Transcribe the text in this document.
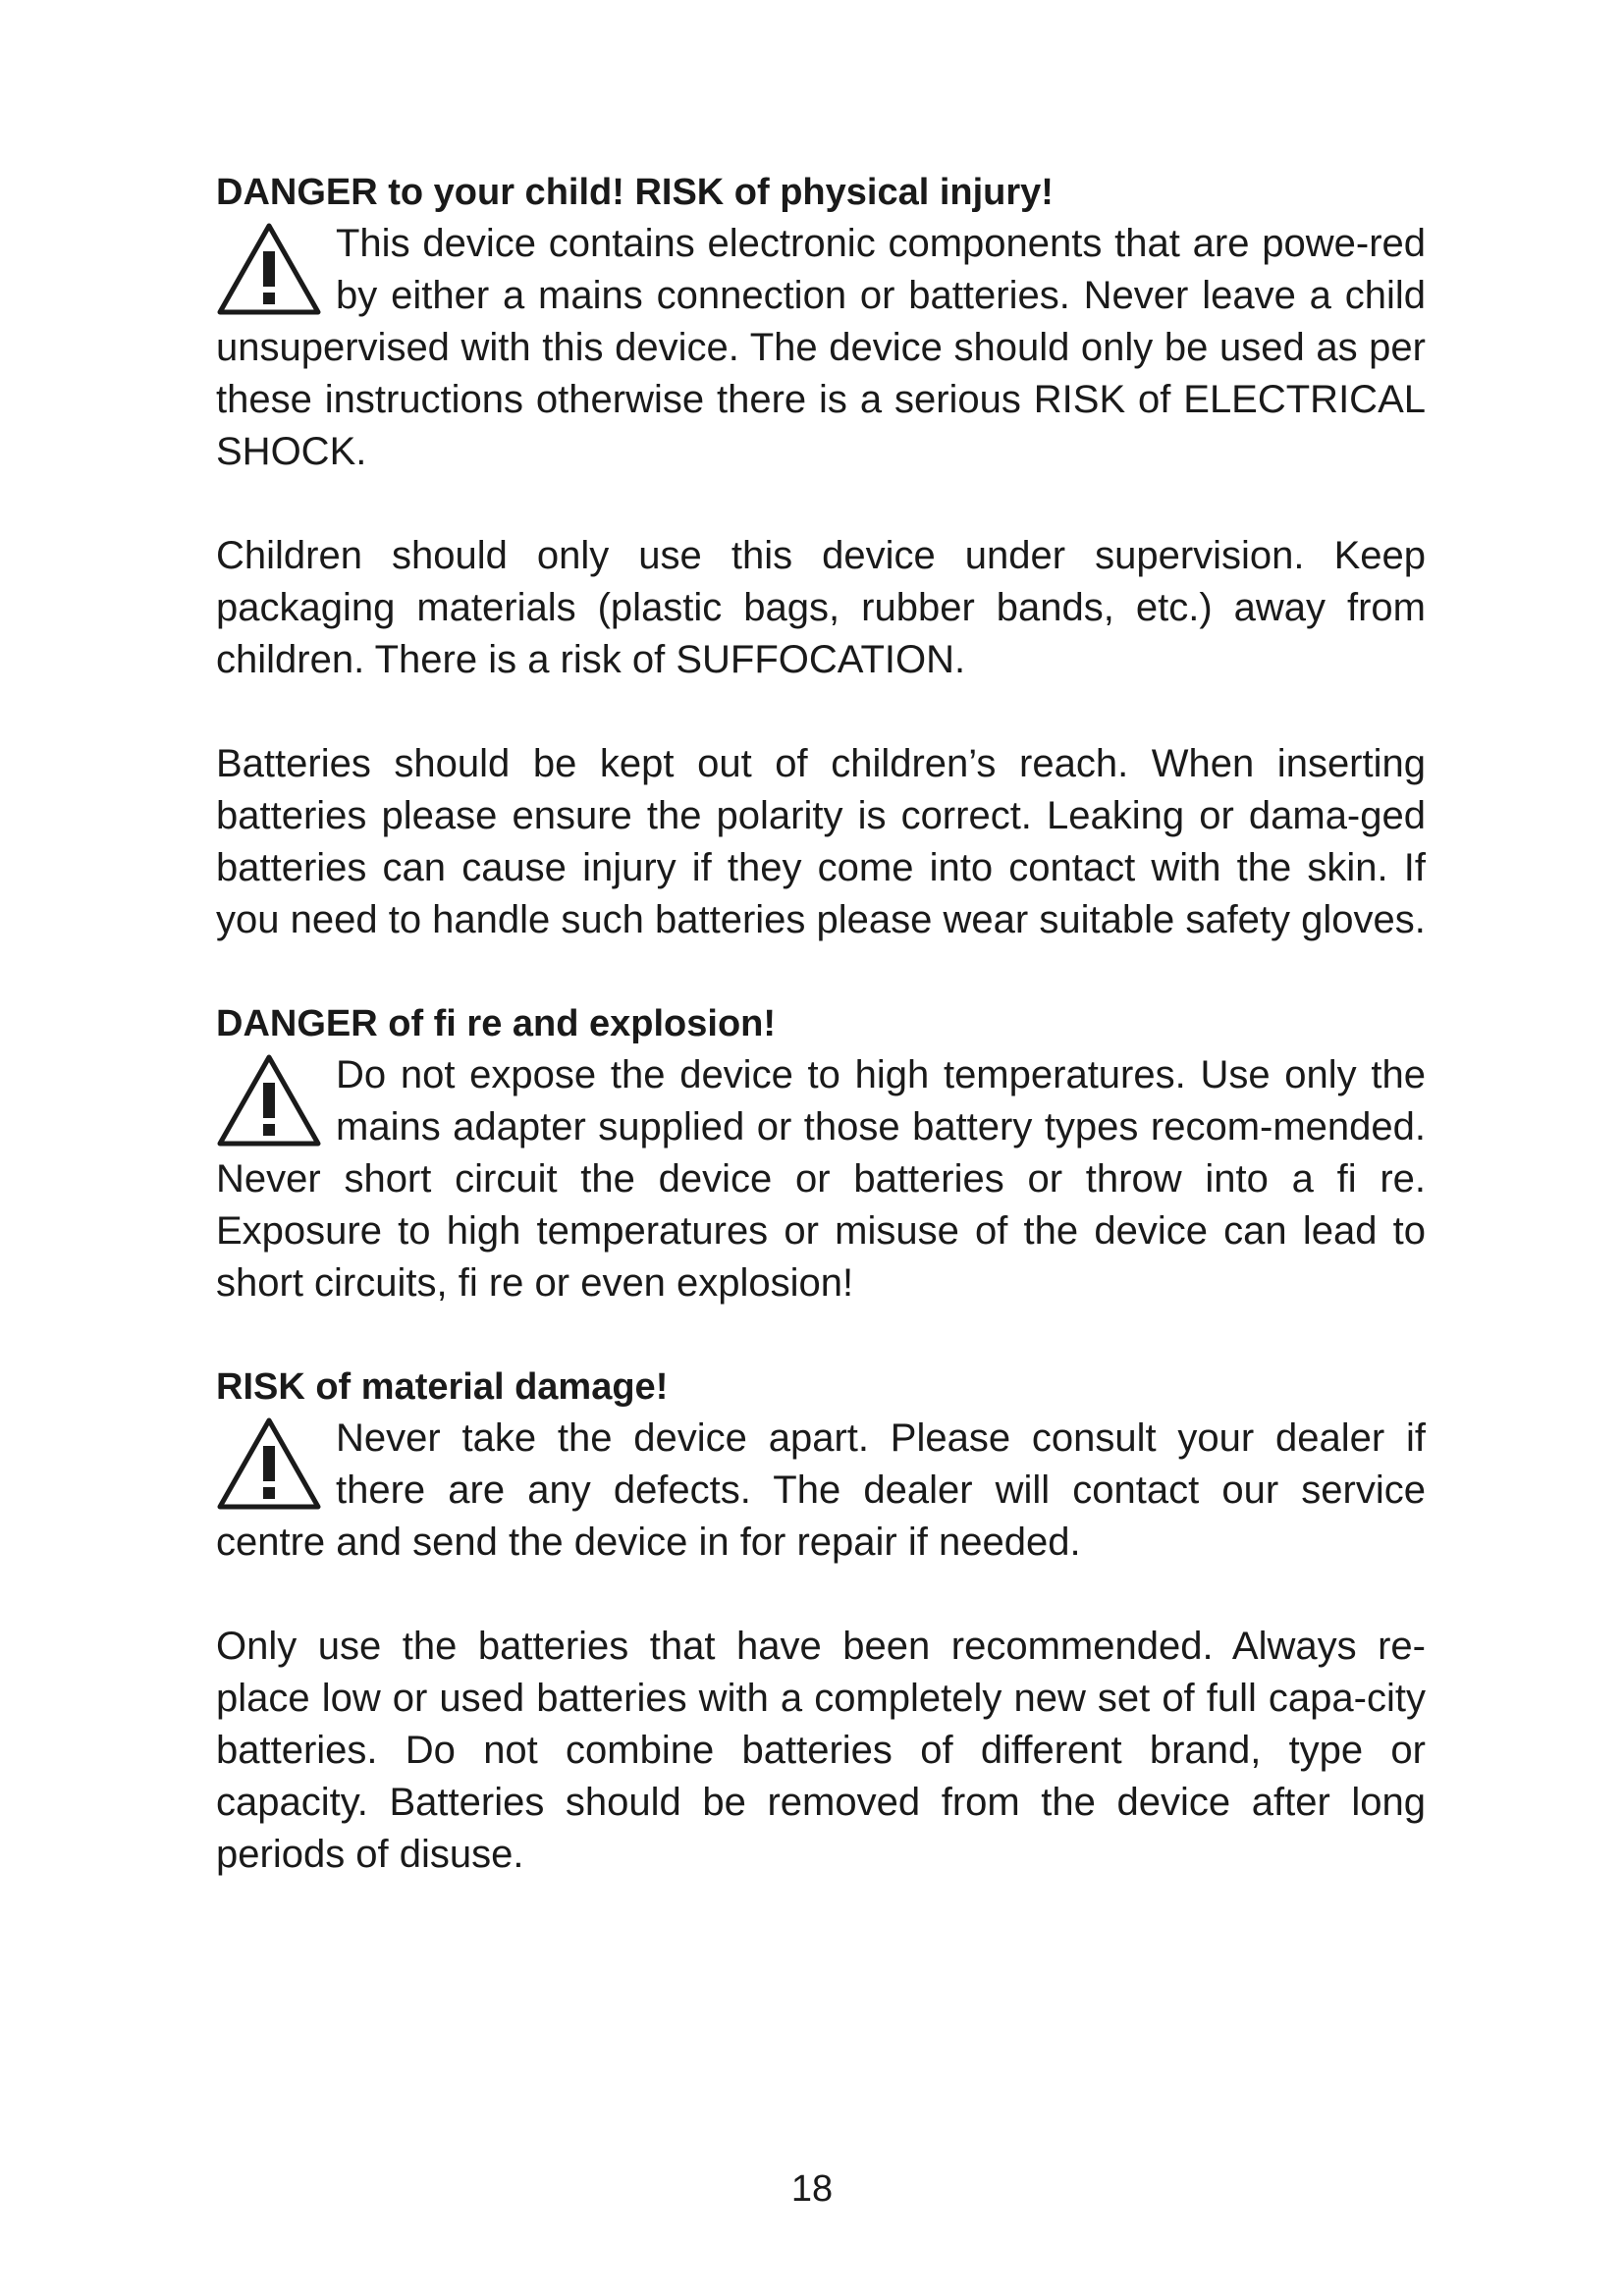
DANGER to your child! RISK of physical injury!

This device contains electronic components that are powe-red by either a mains connection or batteries. Never leave a child unsupervised with this device. The device should only be used as per these instructions otherwise there is a serious RISK of ELECTRICAL SHOCK.

Children should only use this device under supervision. Keep packaging materials (plastic bags, rubber bands, etc.) away from children. There is a risk of SUFFOCATION.

Batteries should be kept out of children’s reach. When inserting batteries please ensure the polarity is correct. Leaking or dama-ged batteries can cause injury if they come into contact with the skin. If you need to handle such batteries please wear suitable safety gloves.

DANGER of fi re and explosion!

Do not expose the device to high temperatures. Use only the mains adapter supplied or those battery types recom-mended. Never short circuit the device or batteries or throw into a fi re. Exposure to high temperatures or misuse of the device can lead to short circuits, fi re or even explosion!

RISK of material damage!

Never take the device apart. Please consult your dealer if there are any defects. The dealer will contact our service centre and send the device in for repair if needed.

Only use the batteries that have been recommended. Always re-place low or used batteries with a completely new set of full capa-city batteries. Do not combine batteries of different brand, type or capacity. Batteries should be removed from the device after long periods of disuse.

18
